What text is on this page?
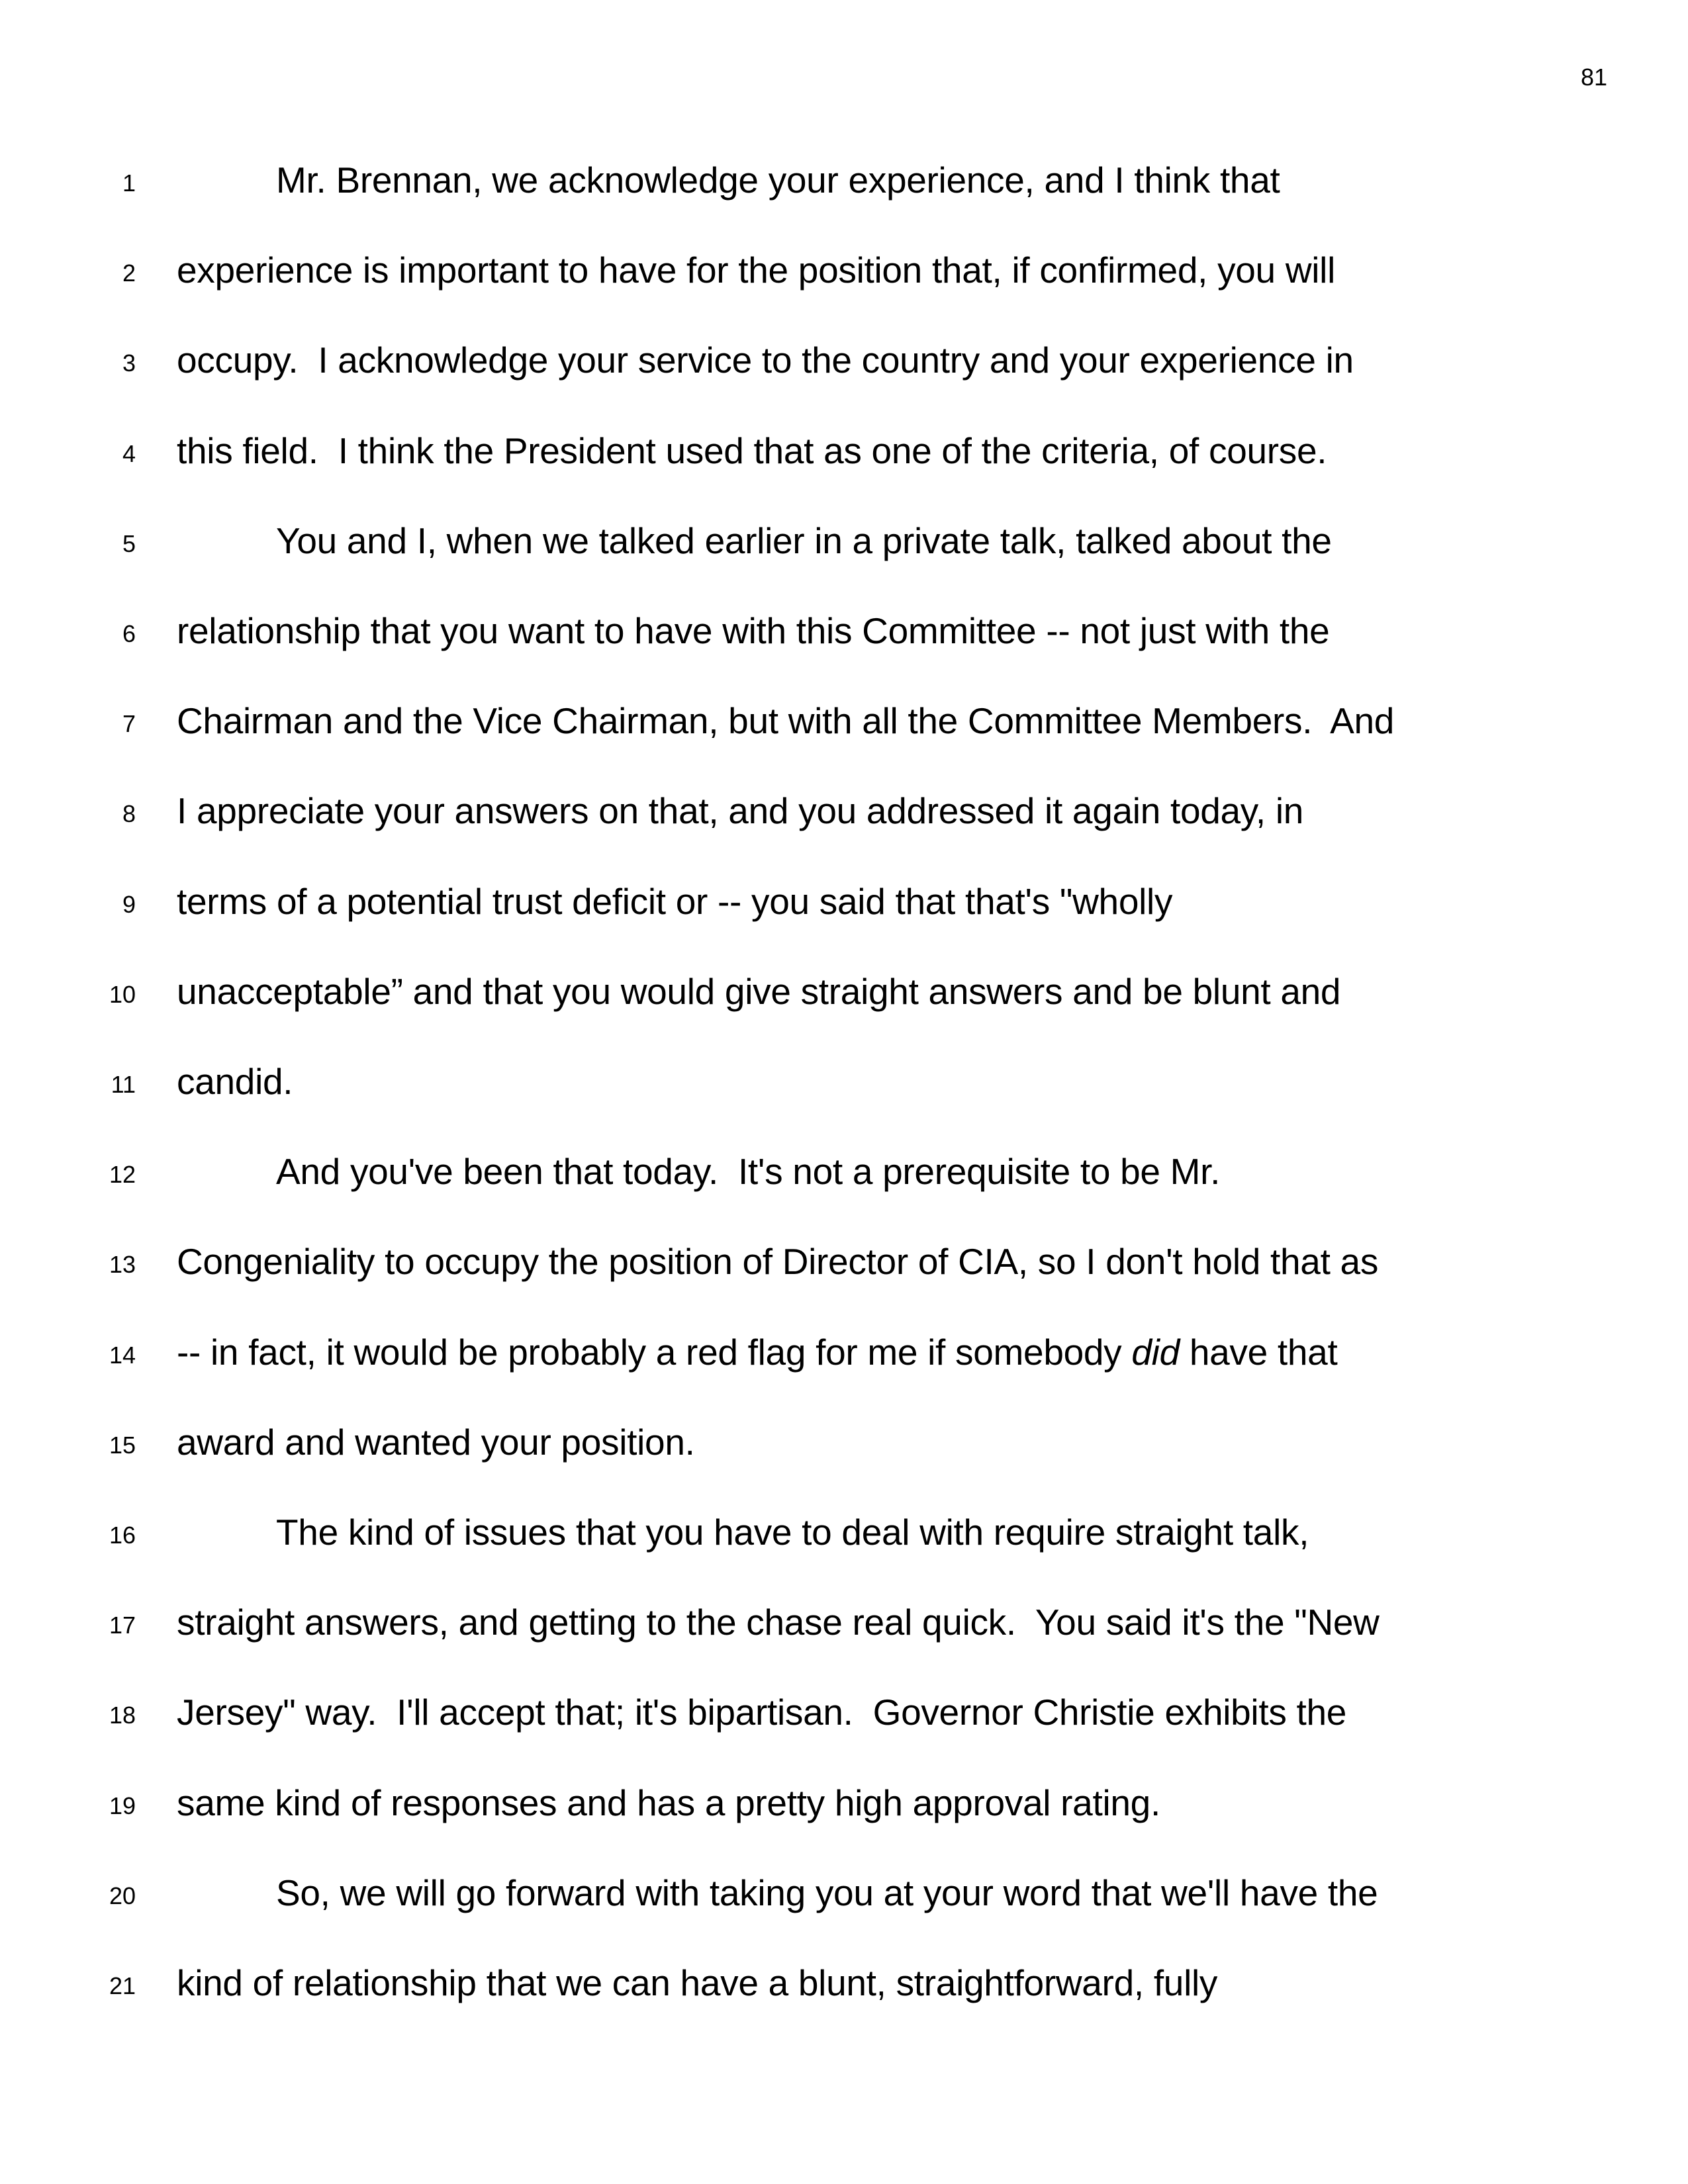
81
1	Mr. Brennan, we acknowledge your experience, and I think that
2 experience is important to have for the position that, if confirmed, you will
3 occupy.  I acknowledge your service to the country and your experience in
4 this field.  I think the President used that as one of the criteria, of course.
5	You and I, when we talked earlier in a private talk, talked about the
6 relationship that you want to have with this Committee -- not just with the
7 Chairman and the Vice Chairman, but with all the Committee Members.  And
8 I appreciate your answers on that, and you addressed it again today, in
9 terms of a potential trust deficit or -- you said that that's "wholly
10 unacceptable” and that you would give straight answers and be blunt and
11 candid.
12	And you've been that today.  It's not a prerequisite to be Mr.
13 Congeniality to occupy the position of Director of CIA, so I don't hold that as
14 -- in fact, it would be probably a red flag for me if somebody did have that
15 award and wanted your position.
16	The kind of issues that you have to deal with require straight talk,
17 straight answers, and getting to the chase real quick.  You said it's the "New
18 Jersey" way.  I'll accept that; it's bipartisan.  Governor Christie exhibits the
19 same kind of responses and has a pretty high approval rating.
20	So, we will go forward with taking you at your word that we'll have the
21 kind of relationship that we can have a blunt, straightforward, fully
